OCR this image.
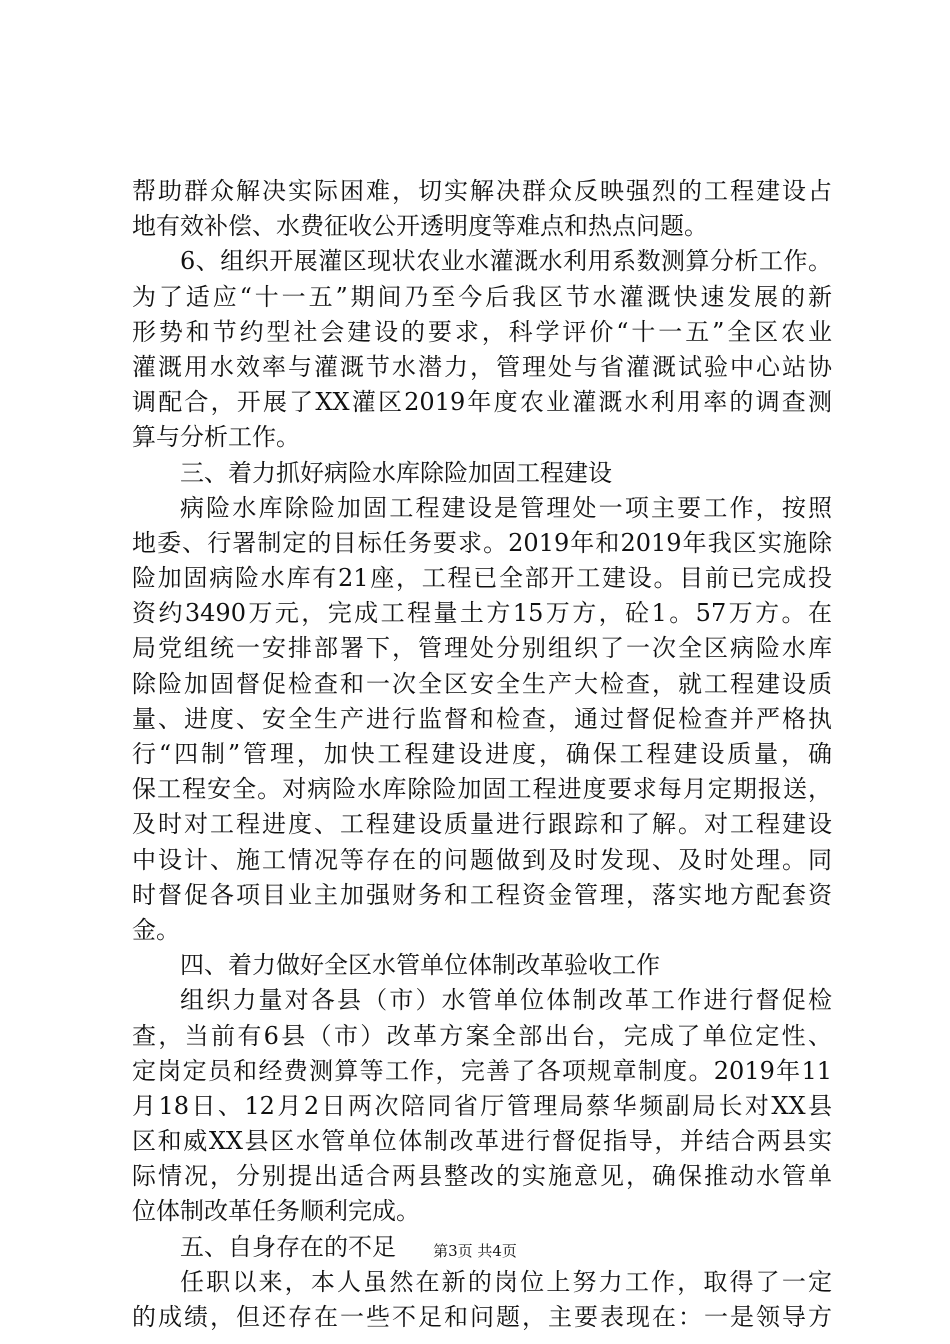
帮助群众解决实际困难，切实解决群众反映强烈的工程建设占
地有效补偿、水费征收公开透明度等难点和热点问题。
6、组织开展灌区现状农业水灌溉水利用系数测算分析工作。
为了适应“十一五”期间乃至今后我区节水灌溉快速发展的新
形势和节约型社会建设的要求，科学评价“十一五”全区农业
灌溉用水效率与灌溉节水潜力，管理处与省灌溉试验中心站协
调配合，开展了XX灌区2019年度农业灌溉水利用率的调查测
算与分析工作。
三、着力抓好病险水库除险加固工程建设
病险水库除险加固工程建设是管理处一项主要工作，按照
地委、行署制定的目标任务要求。2019年和2019年我区实施除
险加固病险水库有21座，工程已全部开工建设。目前已完成投
资约3490万元，完成工程量土方15万方，砼1。57万方。在
局党组统一安排部署下，管理处分别组织了一次全区病险水库
除险加固督促检查和一次全区安全生产大检查，就工程建设质
量、进度、安全生产进行监督和检查，通过督促检查并严格执
行“四制”管理，加快工程建设进度，确保工程建设质量，确
保工程安全。对病险水库除险加固工程进度要求每月定期报送，
及时对工程进度、工程建设质量进行跟踪和了解。对工程建设
中设计、施工情况等存在的问题做到及时发现、及时处理。同
时督促各项目业主加强财务和工程资金管理，落实地方配套资
金。
四、着力做好全区水管单位体制改革验收工作
组织力量对各县（市）水管单位体制改革工作进行督促检
查，当前有6县（市）改革方案全部出台，完成了单位定性、
定岗定员和经费测算等工作，完善了各项规章制度。2019年11
月18日、12月2日两次陪同省厅管理局蔡华频副局长对XX县
区和威XX县区水管单位体制改革进行督促指导，并结合两县实
际情况，分别提出适合两县整改的实施意见，确保推动水管单
位体制改革任务顺利完成。
五、自身存在的不足
任职以来，本人虽然在新的岗位上努力工作，取得了一定
的成绩，但还存在一些不足和问题，主要表现在：一是领导方
第3页 共4页
